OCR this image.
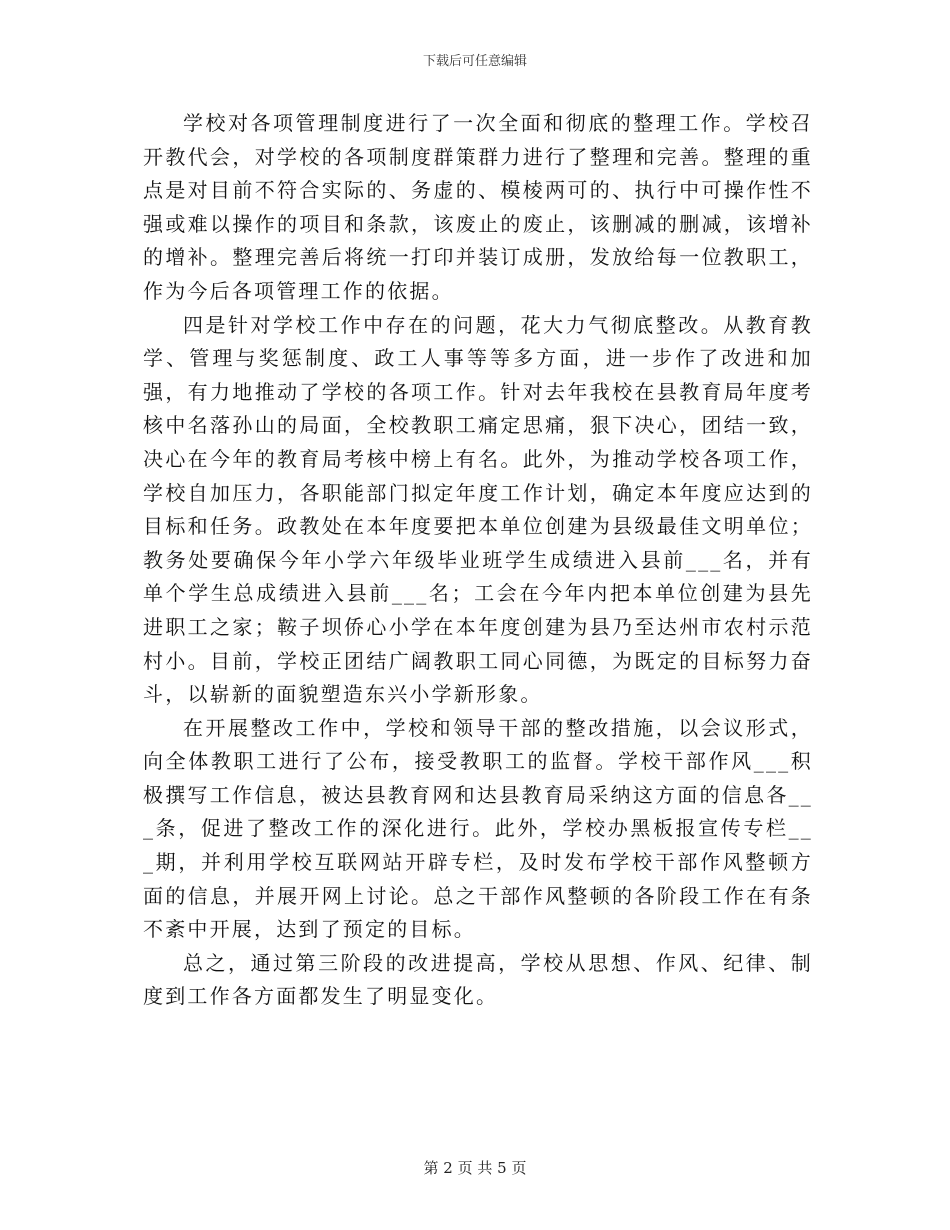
下载后可任意编辑

学校对各项管理制度进行了一次全面和彻底的整理工作。学校召开教代会，对学校的各项制度群策群力进行了整理和完善。整理的重点是对目前不符合实际的、务虚的、模棱两可的、执行中可操作性不强或难以操作的项目和条款，该废止的废止，该删减的删减，该增补的增补。整理完善后将统一打印并装订成册，发放给每一位教职工，作为今后各项管理工作的依据。

四是针对学校工作中存在的问题，花大力气彻底整改。从教育教学、管理与奖惩制度、政工人事等等多方面，进一步作了改进和加强，有力地推动了学校的各项工作。针对去年我校在县教育局年度考核中名落孙山的局面，全校教职工痛定思痛，狠下决心，团结一致，决心在今年的教育局考核中榜上有名。此外，为推动学校各项工作，学校自加压力，各职能部门拟定年度工作计划，确定本年度应达到的目标和任务。政教处在本年度要把本单位创建为县级最佳文明单位；教务处要确保今年小学六年级毕业班学生成绩进入县前___名，并有单个学生总成绩进入县前___名；工会在今年内把本单位创建为县先进职工之家；鞍子坝侨心小学在本年度创建为县乃至达州市农村示范村小。目前，学校正团结广阔教职工同心同德，为既定的目标努力奋斗，以崭新的面貌塑造东兴小学新形象。

在开展整改工作中，学校和领导干部的整改措施，以会议形式，向全体教职工进行了公布，接受教职工的监督。学校干部作风___积极撰写工作信息，被达县教育网和达县教育局采纳这方面的信息各___条，促进了整改工作的深化进行。此外，学校办黑板报宣传专栏___期，并利用学校互联网站开辟专栏，及时发布学校干部作风整顿方面的信息，并展开网上讨论。总之干部作风整顿的各阶段工作在有条不紊中开展，达到了预定的目标。

总之，通过第三阶段的改进提高，学校从思想、作风、纪律、制度到工作各方面都发生了明显变化。

第 2 页 共 5 页
